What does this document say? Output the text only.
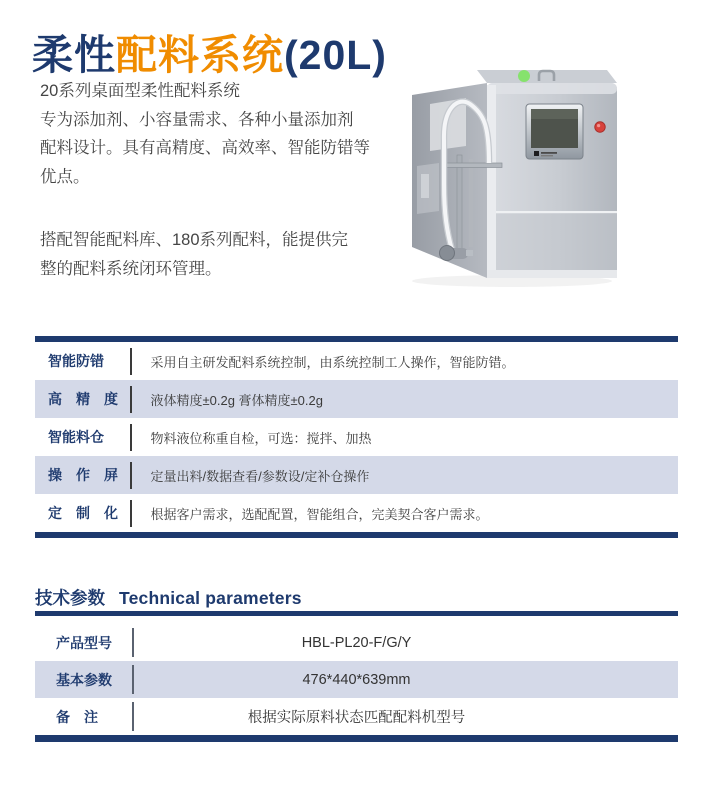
柔性配料系统(20L)
20系列桌面型柔性配料系统
专为添加剂、小容量需求、各种小量添加剂
配料设计。具有高精度、高效率、智能防错等
优点。
搭配智能配料库、180系列配料，能提供完
整的配料系统闭环管理。
智能防错	采用自主研发配料系统控制，由系统控制工人操作，智能防错。
高　精　度	液体精度±0.2g 膏体精度±0.2g
智能料仓	物料液位称重自检，可选：搅拌、加热
操　作　屏	定量出料/数据查看/参数设/定补仓操作
定　制　化	根据客户需求，选配配置，智能组合，完美契合客户需求。
技术参数 Technical parameters
产品型号	HBL-PL20-F/G/Y
基本参数	476*440*639mm
备　注	根据实际原料状态匹配配料机型号
